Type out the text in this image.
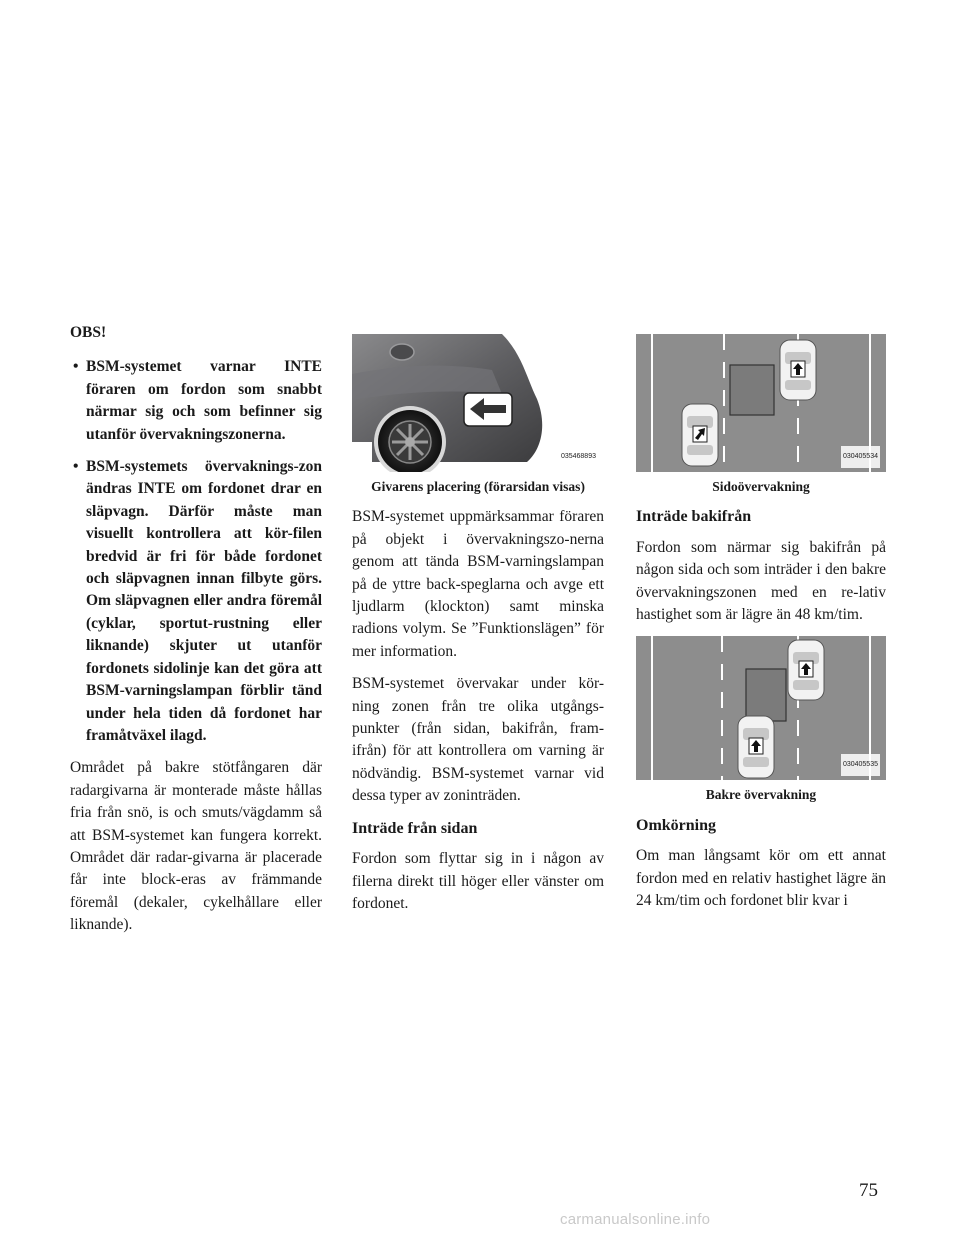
OBS!

• BSM-systemet varnar INTE föraren om fordon som snabbt närmar sig och som befinner sig utanför övervakningszonerna.
• BSM-systemets övervaknings-zon ändras INTE om fordonet drar en släpvagn. Därför måste man visuellt kontrollera att kör-filen bredvid är fri för både fordonet och släpvagnen innan filbyte görs. Om släpvagnen eller andra föremål (cyklar, sportut-rustning eller liknande) skjuter ut utanför fordonets sidolinje kan det göra att BSM-varningslampan förblir tänd under hela tiden då fordonet har framåtväxel ilagd.

Området på bakre stötfångaren där radargivarna är monterade måste hållas fria från snö, is och smuts/vägdamm så att BSM-systemet kan fungera korrekt. Området där radar-givarna är placerade får inte block-eras av främmande föremål (dekaler, cykelhållare eller liknande).

035468893
Givarens placering (förarsidan visas)

BSM-systemet uppmärksammar föraren på objekt i övervakningszo-nerna genom att tända BSM-varningslampan på de yttre back-speglarna och avge ett ljudlarm (klockton) samt minska radions volym. Se ”Funktionslägen” för mer information.

BSM-systemet övervakar under kör-ning zonen från tre olika utgångs-punkter (från sidan, bakifrån, fram-ifrån) för att kontrollera om varning är nödvändig. BSM-systemet varnar vid dessa typer av zoninträden.

Inträde från sidan

Fordon som flyttar sig in i någon av filerna direkt till höger eller vänster om fordonet.

030405534
Sidoövervakning
Inträde bakifrån

Fordon som närmar sig bakifrån på någon sida och som inträder i den bakre övervakningszonen med en re-lativ hastighet som är lägre än 48 km/tim.

030405535
Bakre övervakning
Omkörning

Om man långsamt kör om ett annat fordon med en relativ hastighet lägre än 24 km/tim och fordonet blir kvar i

75
carmanualsonline.info
